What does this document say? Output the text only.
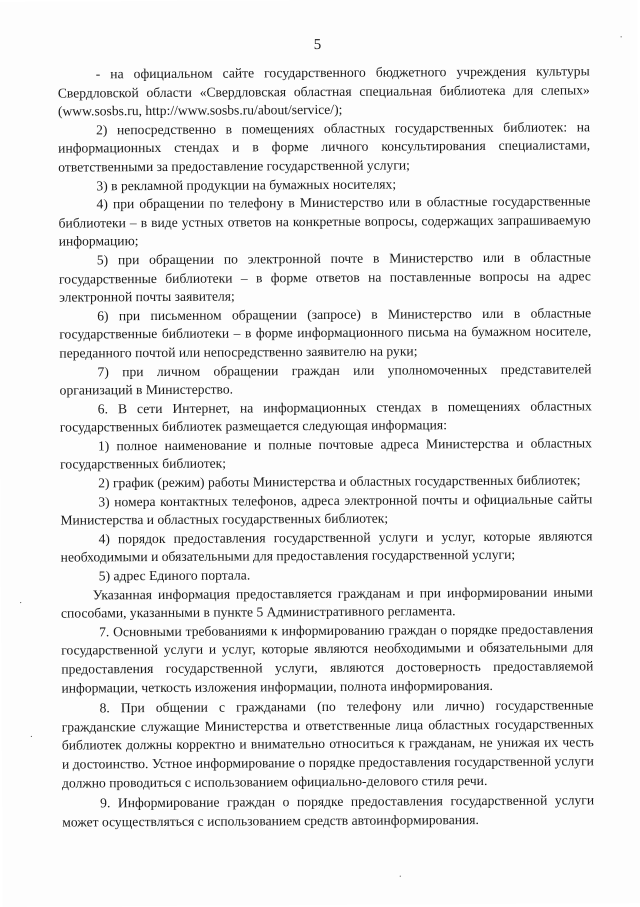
5

- на официальном сайте государственного бюджетного учреждения культуры Свердловской области «Свердловская областная специальная библиотека для слепых» (www.sosbs.ru, http://www.sosbs.ru/about/service/);

2) непосредственно в помещениях областных государственных библиотек: на информационных стендах и в форме личного консультирования специалистами, ответственными за предоставление государственной услуги;

3) в рекламной продукции на бумажных носителях;

4) при обращении по телефону в Министерство или в областные государственные библиотеки – в виде устных ответов на конкретные вопросы, содержащих запрашиваемую информацию;

5) при обращении по электронной почте в Министерство или в областные государственные библиотеки – в форме ответов на поставленные вопросы на адрес электронной почты заявителя;

6) при письменном обращении (запросе) в Министерство или в областные государственные библиотеки – в форме информационного письма на бумажном носителе, переданного почтой или непосредственно заявителю на руки;

7) при личном обращении граждан или уполномоченных представителей организаций в Министерство.

6. В сети Интернет, на информационных стендах в помещениях областных государственных библиотек размещается следующая информация:

1) полное наименование и полные почтовые адреса Министерства и областных государственных библиотек;

2) график (режим) работы Министерства и областных государственных библиотек;

3) номера контактных телефонов, адреса электронной почты и официальные сайты Министерства и областных государственных библиотек;

4) порядок предоставления государственной услуги и услуг, которые являются необходимыми и обязательными для предоставления государственной услуги;

5) адрес Единого портала.

Указанная информация предоставляется гражданам и при информировании иными способами, указанными в пункте 5 Административного регламента.

7. Основными требованиями к информированию граждан о порядке предоставления государственной услуги и услуг, которые являются необходимыми и обязательными для предоставления государственной услуги, являются достоверность предоставляемой информации, четкость изложения информации, полнота информирования.

8. При общении с гражданами (по телефону или лично) государственные гражданские служащие Министерства и ответственные лица областных государственных библиотек должны корректно и внимательно относиться к гражданам, не унижая их честь и достоинство. Устное информирование о порядке предоставления государственной услуги должно проводиться с использованием официально-делового стиля речи.

9. Информирование граждан о порядке предоставления государственной услуги может осуществляться с использованием средств автоинформирования.

·
·
·
·
